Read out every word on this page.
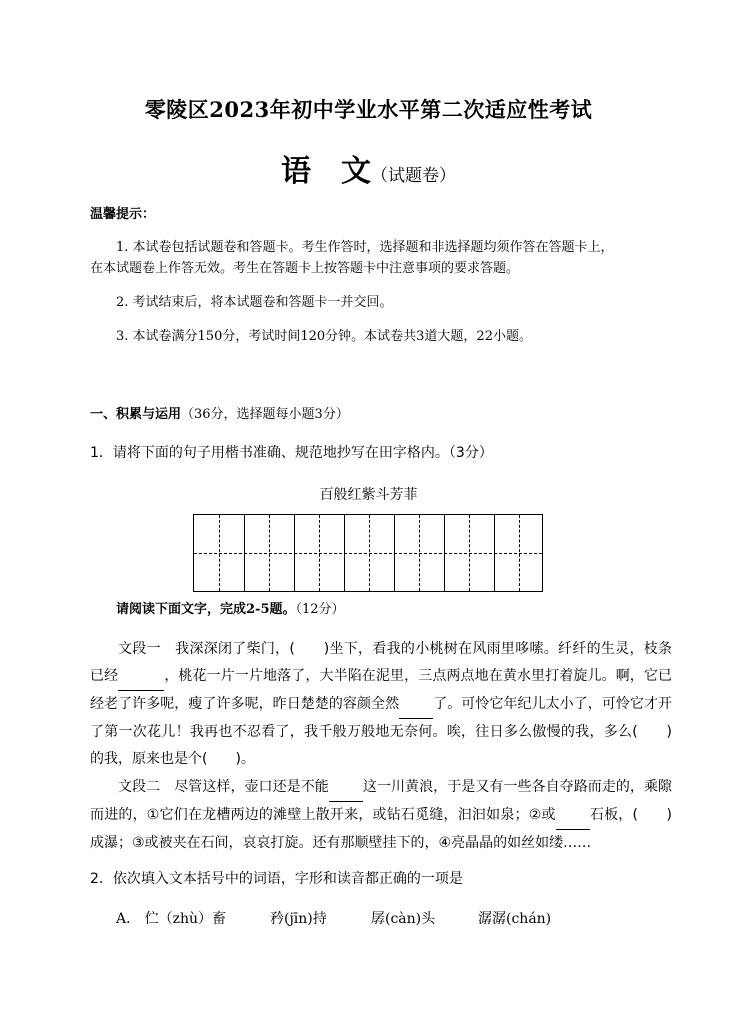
零陵区2023年初中学业水平第二次适应性考试
语　文（试题卷）
温馨提示：
1. 本试卷包括试题卷和答题卡。考生作答时，选择题和非选择题均须作答在答题卡上，
在本试题卷上作答无效。考生在答题卡上按答题卡中注意事项的要求答题。
2. 考试结束后，将本试题卷和答题卡一并交回。
3. 本试卷满分150分，考试时间120分钟。本试卷共3道大题，22小题。
一、积累与运用（36分，选择题每小题3分）
1．请将下面的句子用楷书准确、规范地抄写在田字格内。（3分）
百般红紫斗芳菲
请阅读下面文字，完成2-5题。（12分）
文段一　 我深深闭了柴门，(　　)坐下，看我的小桃树在风雨里哆嗦。纤纤的生灵，枝条已经	，桃花一片一片地落了，大半陷在泥里，三点两点地在黄水里打着旋儿。啊，它已经老了许多呢，瘦了许多呢，昨日楚楚的容颜全然 了。可怜它年纪儿太小了，可怜它才开了第一次花儿！我再也不忍看了，我千般万般地无奈何。唉，往日多么傲慢的我，多么(　　)的我，原来也是个(　　)。
文段二　 尽管这样，壶口还是不能 这一川黄浪，于是又有一些各自夺路而走的，乘隙而进的，①它们在龙槽两边的滩壁上散开来，或钻石觅缝，汩汩如泉；②或 石板，(　　)成瀑；③或被夹在石间，哀哀打旋。还有那顺壁挂下的，④亮晶晶的如丝如缕……
2．依次填入文本括号中的词语，字形和读音都正确的一项是
A． 伫（zhù）畜	矜(jīn)持	孱(càn)头	潺潺(chán)
